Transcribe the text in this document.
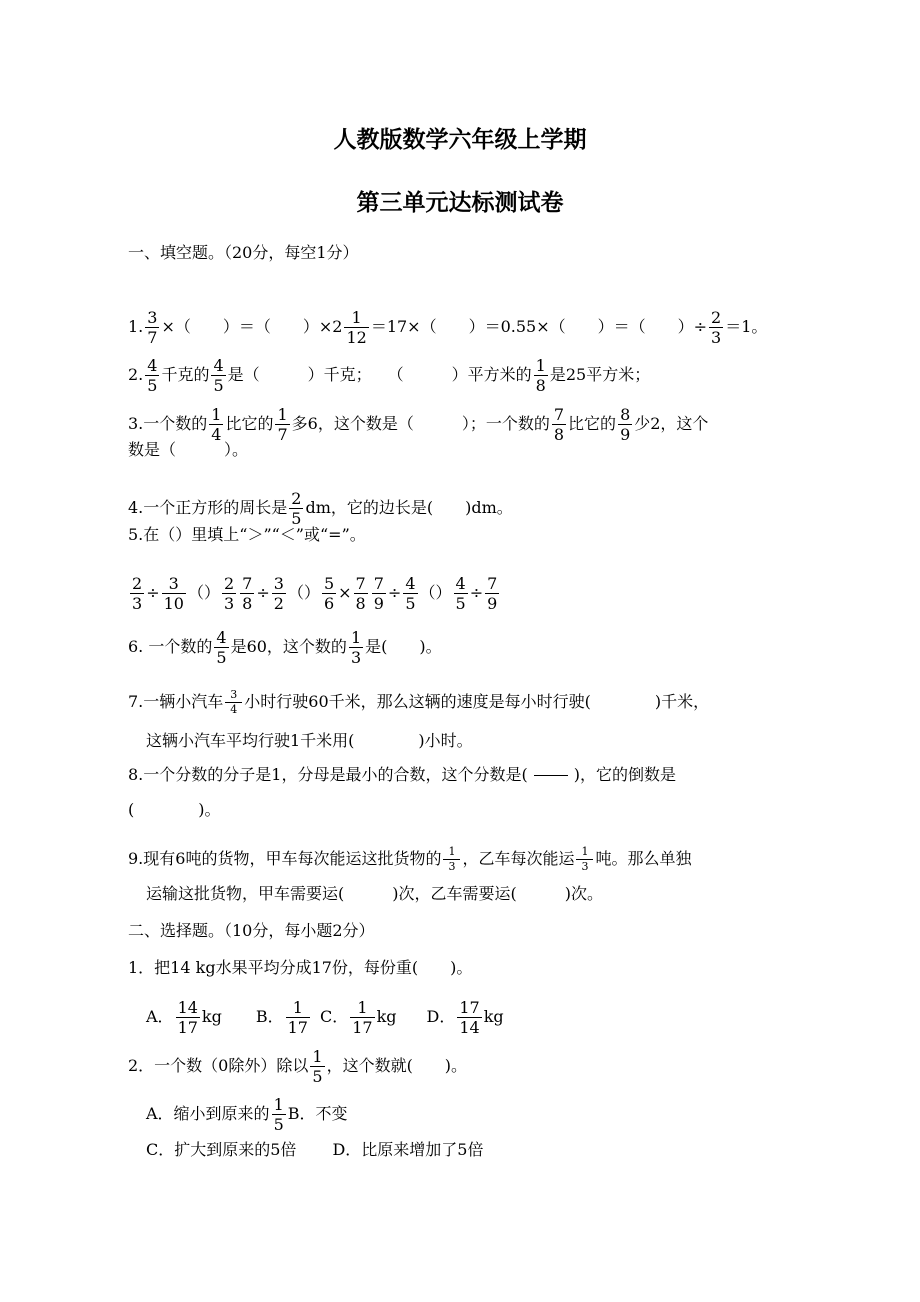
人教版数学六年级上学期
第三单元达标测试卷
一、填空题。（20分，每空1分）
1. $\frac{3}{7}$ ×（　　）＝（　　）$\times 2 \frac{1}{12} =17\times$（　　）＝0.55×（　　）＝（　　）÷ $\frac{2}{3} =1$。
2. $\frac{4}{5}$ 千克的 $\frac{4}{5}$ 是（　　　）千克；　　（　　　）平方米的 $\frac{1}{8}$ 是25平方米；
3.一个数的 $\frac{1}{4}$ 比它的 $\frac{1}{7}$ 多6，这个数是（　　　）；一个数的 $\frac{7}{8}$ 比它的 $\frac{8}{9}$ 少2，这个
数是（　　　）。
4.一个正方形的周长是 $\frac{2}{5}$ dm，它的边长是(　　)dm。
5.在（）里填上“＞”“＜”或“=”。
$\frac{2}{3} \div \frac{3}{10}$ （） $\frac{2}{3} \frac{7}{8} \div \frac{3}{2}$ （） $\frac{5}{6} \times \frac{7}{8} \frac{7}{9} \div \frac{4}{5}$ （） $\frac{4}{5} \div \frac{7}{9}$
6. 一个数的 $\frac{4}{5}$ 是60，这个数的 $\frac{1}{3}$ 是(　　)。
7.一辆小汽车 $\frac{3}{4}$ 小时行驶60千米，那么这辆的速度是每小时行驶(　　　　)千米，
这辆小汽车平均行驶1千米用(　　　　)小时。
8.一个分数的分子是1，分母是最小的合数，这个分数是(	)，它的倒数是
(　　　　)。
9.现有6吨的货物，甲车每次能运这批货物的 $\frac{1}{3}$ ，乙车每次能运 $\frac{1}{3}$ 吨。那么单独
运输这批货物，甲车需要运(　　　)次，乙车需要运(　　　)次。
二、选择题。（10分，每小题2分）
1．把14 kg水果平均分成17份，每份重(　　)。
A． $\frac{14}{17}$ kg B． $\frac{1}{17}$ C． $\frac{1}{17}$ kg D． $\frac{17}{14}$ kg
2．一个数（0除外）除以 $\frac{1}{5}$ ，这个数就(　　)。
A．缩小到原来的 $\frac{1}{5}$ B．不变
C．扩大到原来的5倍 D．比原来增加了5倍
